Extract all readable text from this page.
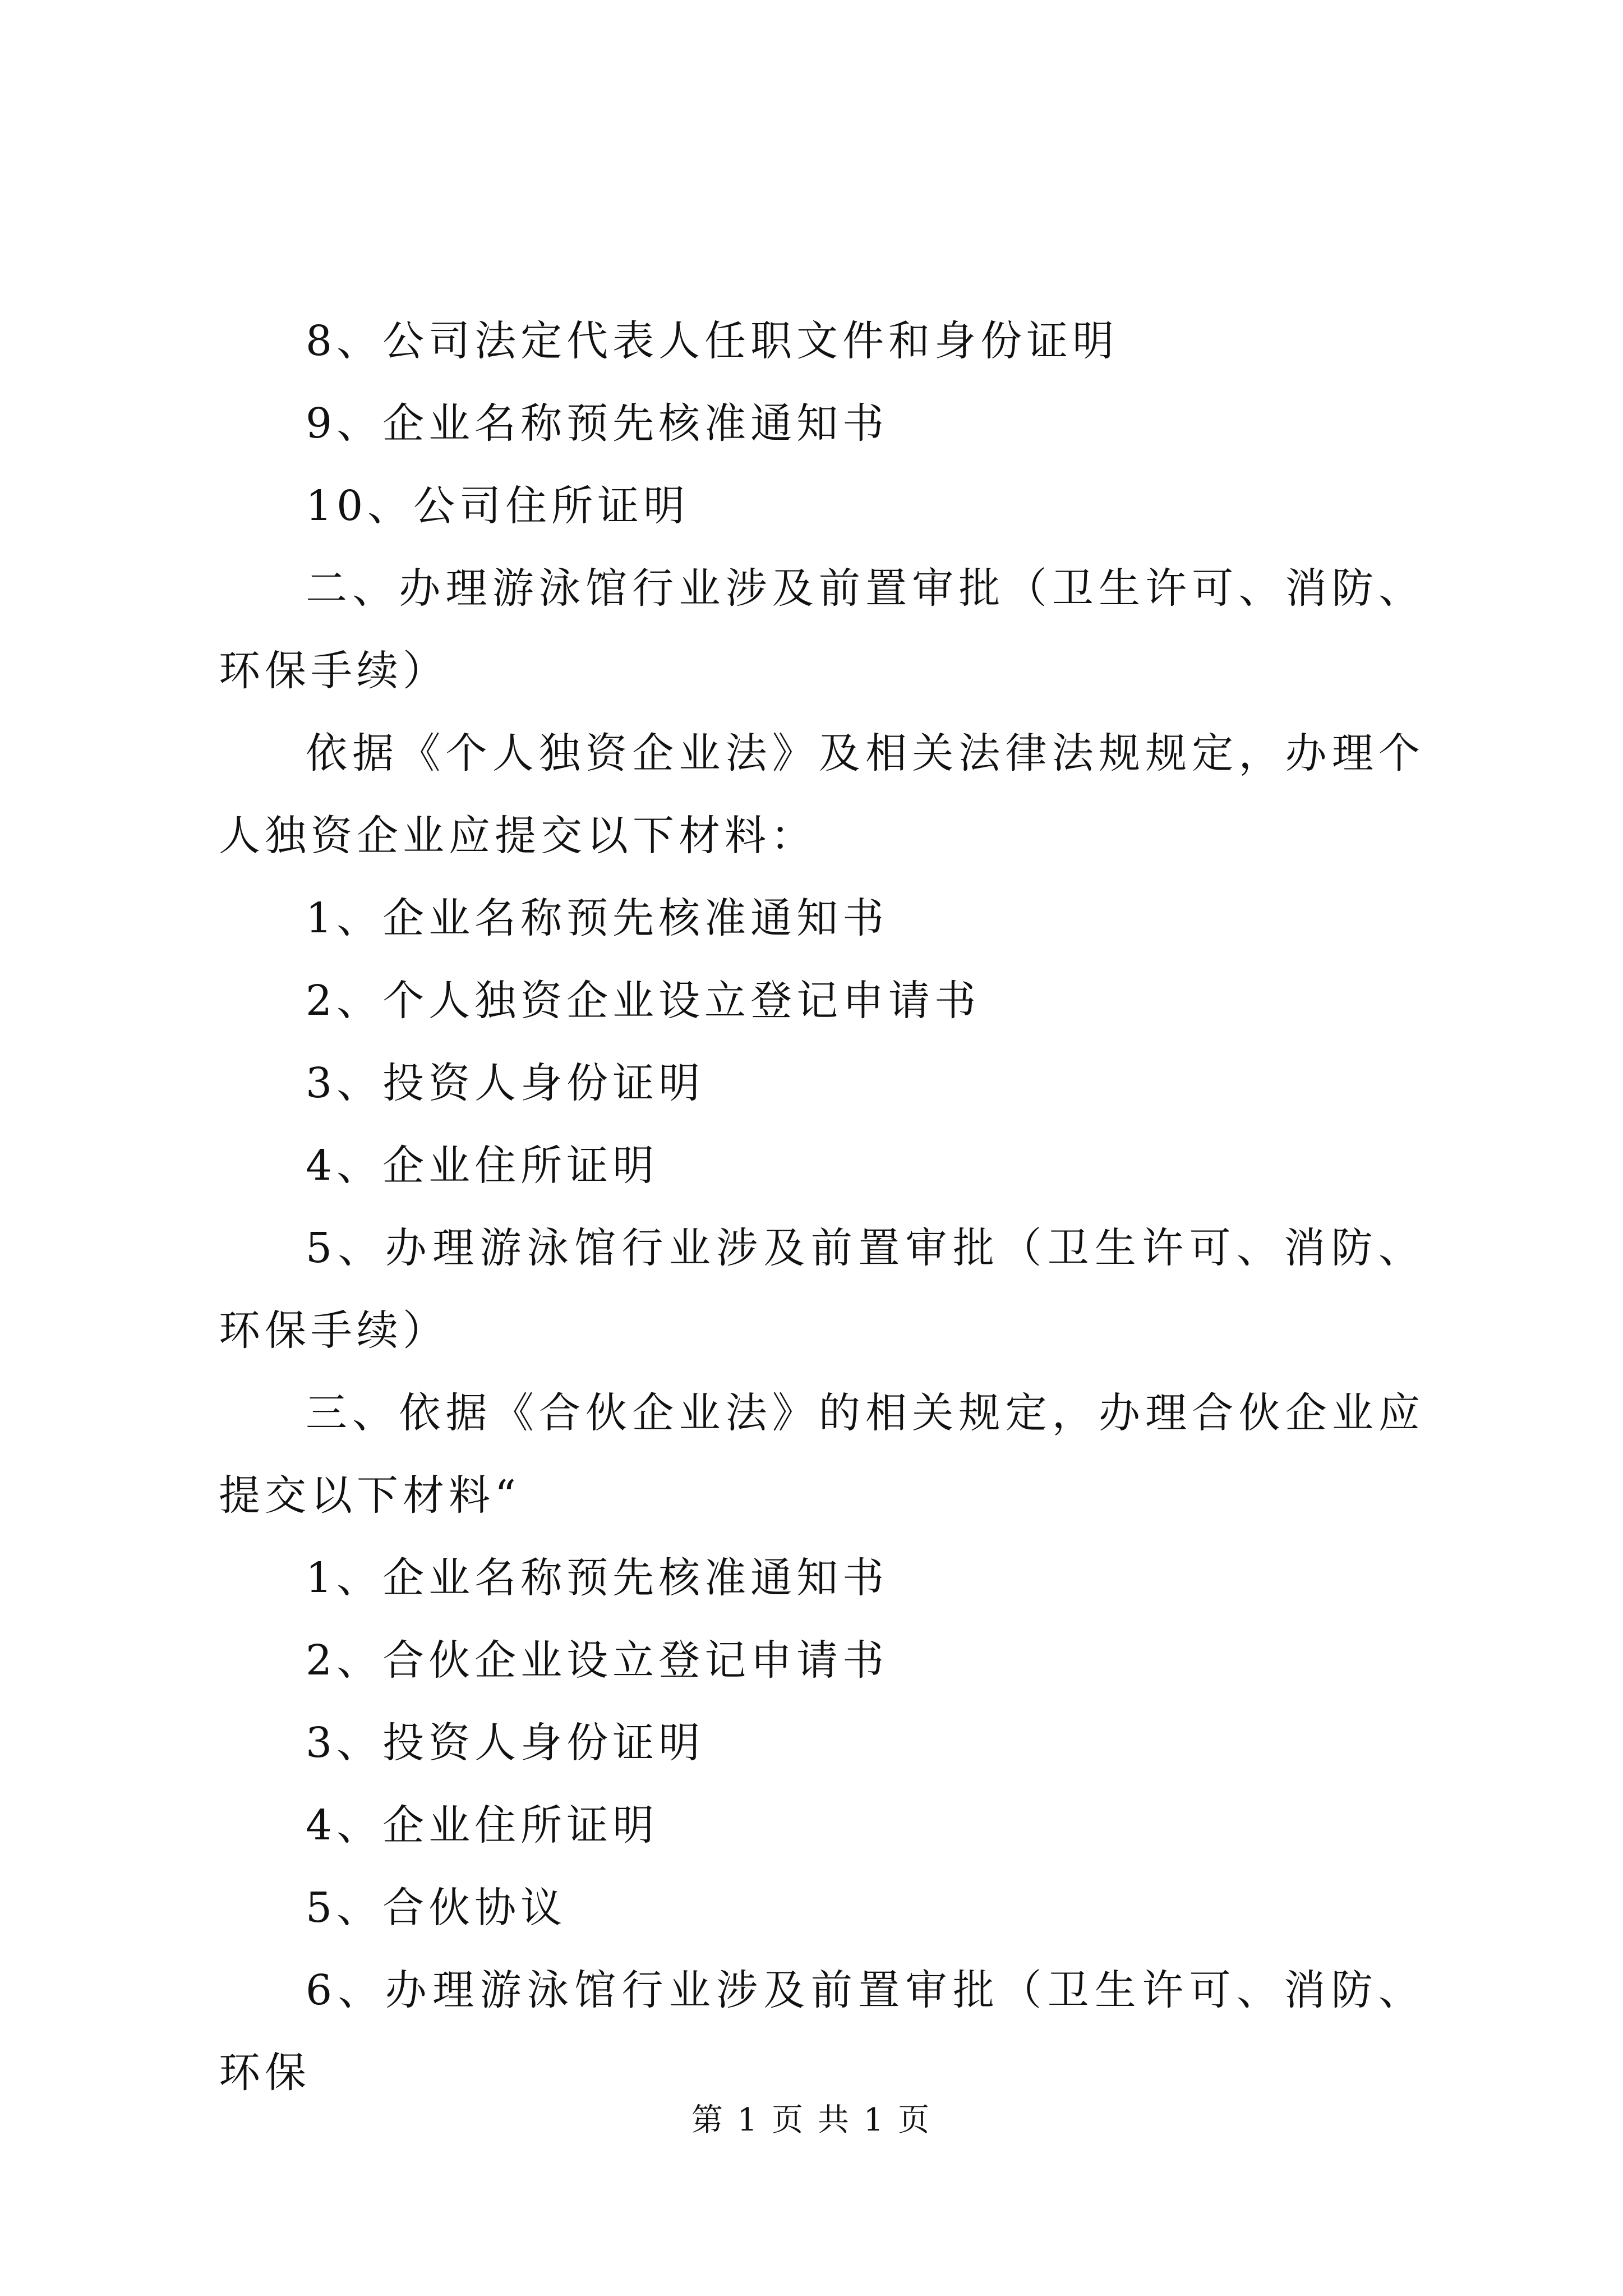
8、公司法定代表人任职文件和身份证明

9、企业名称预先核准通知书

10、公司住所证明

二、办理游泳馆行业涉及前置审批（卫生许可、消防、环保手续）

依据《个人独资企业法》及相关法律法规规定，办理个人独资企业应提交以下材料：

1、企业名称预先核准通知书

2、个人独资企业设立登记申请书

3、投资人身份证明

4、企业住所证明

5、办理游泳馆行业涉及前置审批（卫生许可、消防、环保手续）

三、依据《合伙企业法》的相关规定，办理合伙企业应提交以下材料“

1、企业名称预先核准通知书

2、合伙企业设立登记申请书

3、投资人身份证明

4、企业住所证明

5、合伙协议

6、办理游泳馆行业涉及前置审批（卫生许可、消防、环保

第 1 页 共 1 页
